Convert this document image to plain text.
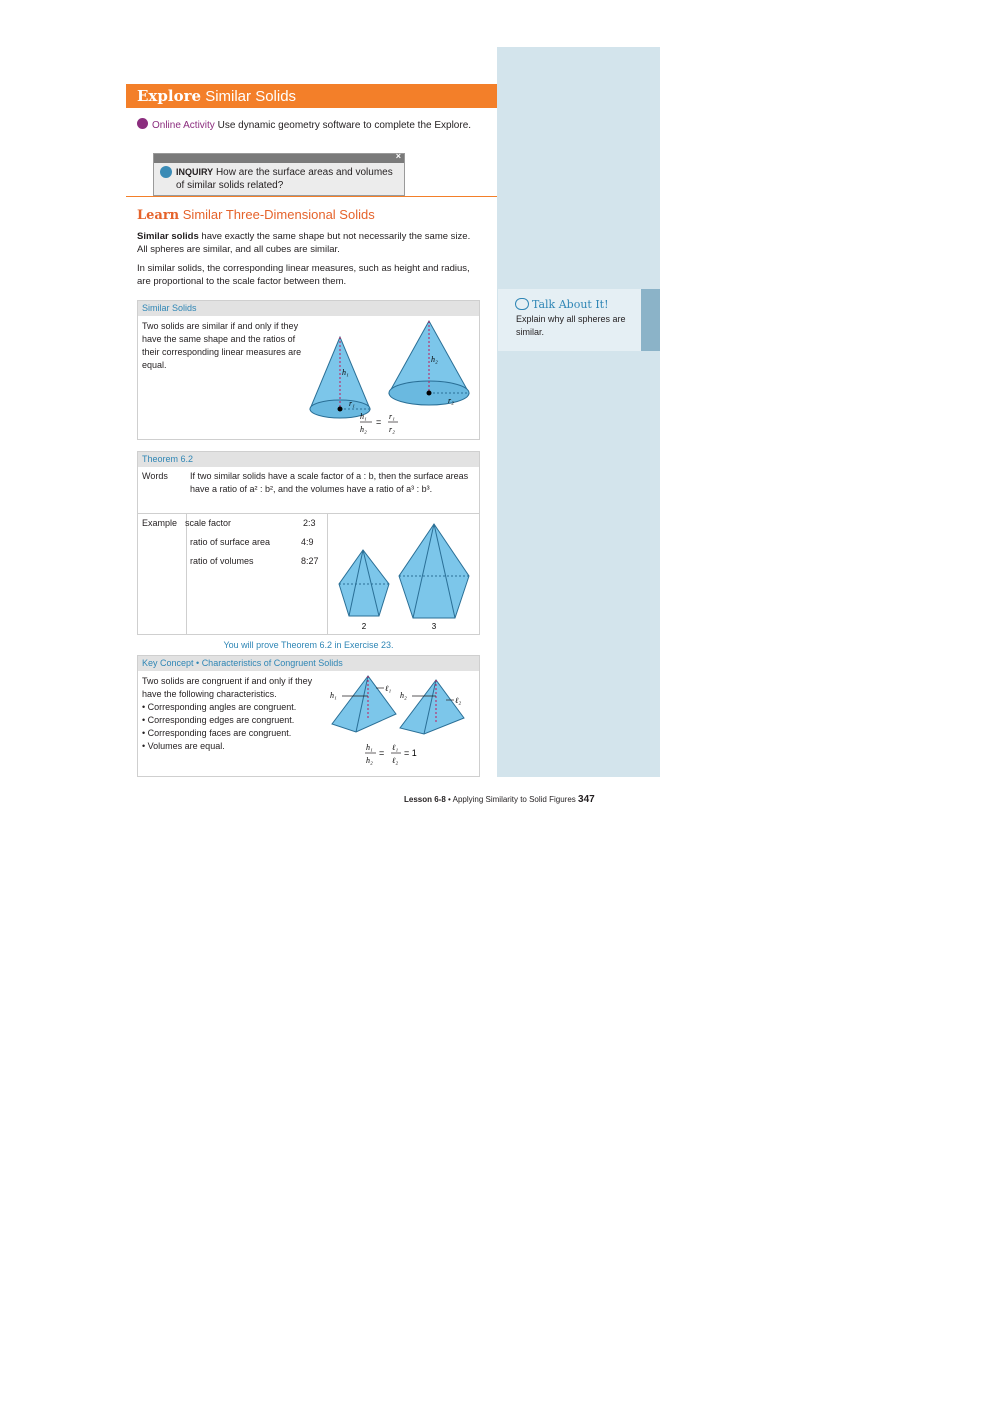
Talk About It!
Explain why all spheres are similar.
Explore Similar Solids
Online Activity Use dynamic geometry software to complete the Explore.
×
INQUIRY How are the surface areas and volumes of similar solids related?
Learn Similar Three-Dimensional Solids
Similar solids have exactly the same shape but not necessarily the same size. All spheres are similar, and all cubes are similar.
In similar solids, the corresponding linear measures, such as height and radius, are proportional to the scale factor between them.
Similar Solids
Two solids are similar if and only if they have the same shape and the ratios of their corresponding linear measures are equal.
h₁
h₂
r₁	r₂
h₁
h₂
=
r₁
r₂
Theorem 6.2
Words If two similar solids have a scale factor of a : b, then the surface areas have a ratio of a² : b², and the volumes have a ratio of a³ : b³.
Example scale factor	2:3
ratio of surface area	4:9
ratio of volumes	8:27
2	3
You will prove Theorem 6.2 in Exercise 23.
Key Concept • Characteristics of Congruent Solids
Two solids are congruent if and only if they have the following characteristics.
• Corresponding angles are congruent.
• Corresponding edges are congruent.
• Corresponding faces are congruent.
• Volumes are equal.
h₁
ℓ₁
h₂
ℓ₂
h₁
h₂
=
ℓ₁
ℓ₂
= 1
Lesson 6-8 • Applying Similarity to Solid Figures 347
